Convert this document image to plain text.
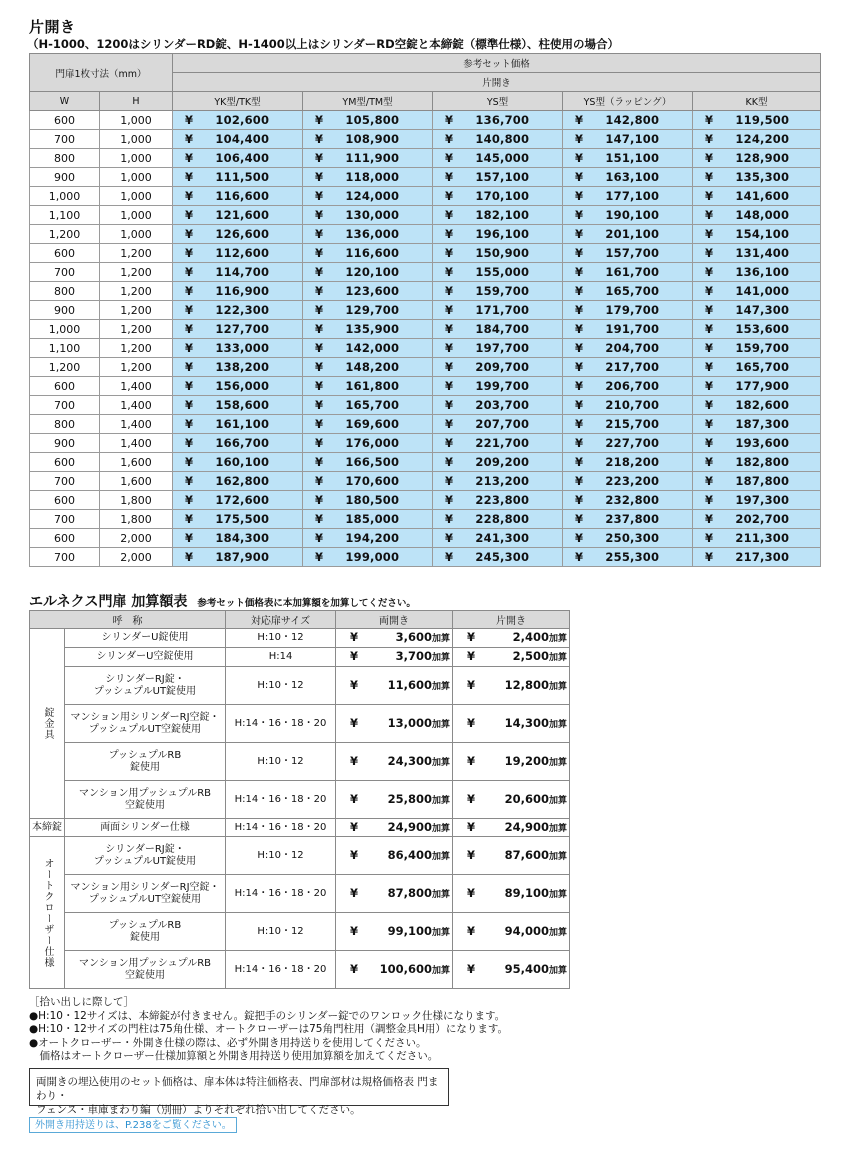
片開き
（H-1000、1200はシリンダーRD錠、H-1400以上はシリンダーRD空錠と本締錠（標準仕様）、柱使用の場合）
門扉1枚寸法（mm）		参考セット価格				
		片開き				
W	H	YK型/TK型	YM型/TM型	YS型	YS型（ラッピング）	KK型
600	1,000	¥ 102,600	¥ 105,800	¥ 136,700	¥ 142,800	¥ 119,500
700	1,000	¥ 104,400	¥ 108,900	¥ 140,800	¥ 147,100	¥ 124,200
800	1,000	¥ 106,400	¥ 111,900	¥ 145,000	¥ 151,100	¥ 128,900
900	1,000	¥ 111,500	¥ 118,000	¥ 157,100	¥ 163,100	¥ 135,300
1,000	1,000	¥ 116,600	¥ 124,000	¥ 170,100	¥ 177,100	¥ 141,600
1,100	1,000	¥ 121,600	¥ 130,000	¥ 182,100	¥ 190,100	¥ 148,000
1,200	1,000	¥ 126,600	¥ 136,000	¥ 196,100	¥ 201,100	¥ 154,100
600	1,200	¥ 112,600	¥ 116,600	¥ 150,900	¥ 157,700	¥ 131,400
700	1,200	¥ 114,700	¥ 120,100	¥ 155,000	¥ 161,700	¥ 136,100
800	1,200	¥ 116,900	¥ 123,600	¥ 159,700	¥ 165,700	¥ 141,000
900	1,200	¥ 122,300	¥ 129,700	¥ 171,700	¥ 179,700	¥ 147,300
1,000	1,200	¥ 127,700	¥ 135,900	¥ 184,700	¥ 191,700	¥ 153,600
1,100	1,200	¥ 133,000	¥ 142,000	¥ 197,700	¥ 204,700	¥ 159,700
1,200	1,200	¥ 138,200	¥ 148,200	¥ 209,700	¥ 217,700	¥ 165,700
600	1,400	¥ 156,000	¥ 161,800	¥ 199,700	¥ 206,700	¥ 177,900
700	1,400	¥ 158,600	¥ 165,700	¥ 203,700	¥ 210,700	¥ 182,600
800	1,400	¥ 161,100	¥ 169,600	¥ 207,700	¥ 215,700	¥ 187,300
900	1,400	¥ 166,700	¥ 176,000	¥ 221,700	¥ 227,700	¥ 193,600
600	1,600	¥ 160,100	¥ 166,500	¥ 209,200	¥ 218,200	¥ 182,800
700	1,600	¥ 162,800	¥ 170,600	¥ 213,200	¥ 223,200	¥ 187,800
600	1,800	¥ 172,600	¥ 180,500	¥ 223,800	¥ 232,800	¥ 197,300
700	1,800	¥ 175,500	¥ 185,000	¥ 228,800	¥ 237,800	¥ 202,700
600	2,000	¥ 184,300	¥ 194,200	¥ 241,300	¥ 250,300	¥ 211,300
700	2,000	¥ 187,900	¥ 199,000	¥ 245,300	¥ 255,300	¥ 217,300
エルネクス門扉 加算額表 参考セット価格表に本加算額を加算してください。
呼　称		対応扉サイズ	両開き	片開き
錠金具	シリンダーU錠使用	H:10・12	¥ 3,600加算	¥ 2,400加算

	シリンダーU空錠使用	H:14	¥ 3,700加算	¥ 2,500加算

	シリンダーRJ錠・
プッシュプルUT錠使用	H:10・12	¥ 11,600加算	¥ 12,800加算

	マンション用シリンダーRJ空錠・
プッシュプルUT空錠使用	H:14・16・18・20	¥ 13,000加算	¥ 14,300加算

	プッシュプルRB
錠使用	H:10・12	¥ 24,300加算	¥ 19,200加算

	マンション用プッシュプルRB
空錠使用	H:14・16・18・20	¥ 25,800加算	¥ 20,600加算
本締錠	両面シリンダー仕様	H:14・16・18・20	¥ 24,900加算	¥ 24,900加算
オートクローザー仕様	シリンダーRJ錠・
プッシュプルUT錠使用	H:10・12	¥ 86,400加算	¥ 87,600加算

	マンション用シリンダーRJ空錠・
プッシュプルUT空錠使用	H:14・16・18・20	¥ 87,800加算	¥ 89,100加算

	プッシュプルRB
錠使用	H:10・12	¥ 99,100加算	¥ 94,000加算

	マンション用プッシュプルRB
空錠使用	H:14・16・18・20	¥ 100,600加算	¥ 95,400加算
［拾い出しに際して］
●H:10・12サイズは、本締錠が付きません。錠把手のシリンダー錠でのワンロック仕様になります。
●H:10・12サイズの門柱は75角仕様、オートクローザーは75角門柱用（調整金具H用）になります。
●オートクローザー・外開き仕様の際は、必ず外開き用持送りを使用してください。
　価格はオートクローザー仕様加算額と外開き用持送り使用加算額を加えてください。
両開きの埋込使用のセット価格は、扉本体は特注価格表、門扉部材は規格価格表 門まわり・
フェンス・車庫まわり編（別冊）よりそれぞれ拾い出してください。
外開き用持送りは、P.238をご覧ください。
